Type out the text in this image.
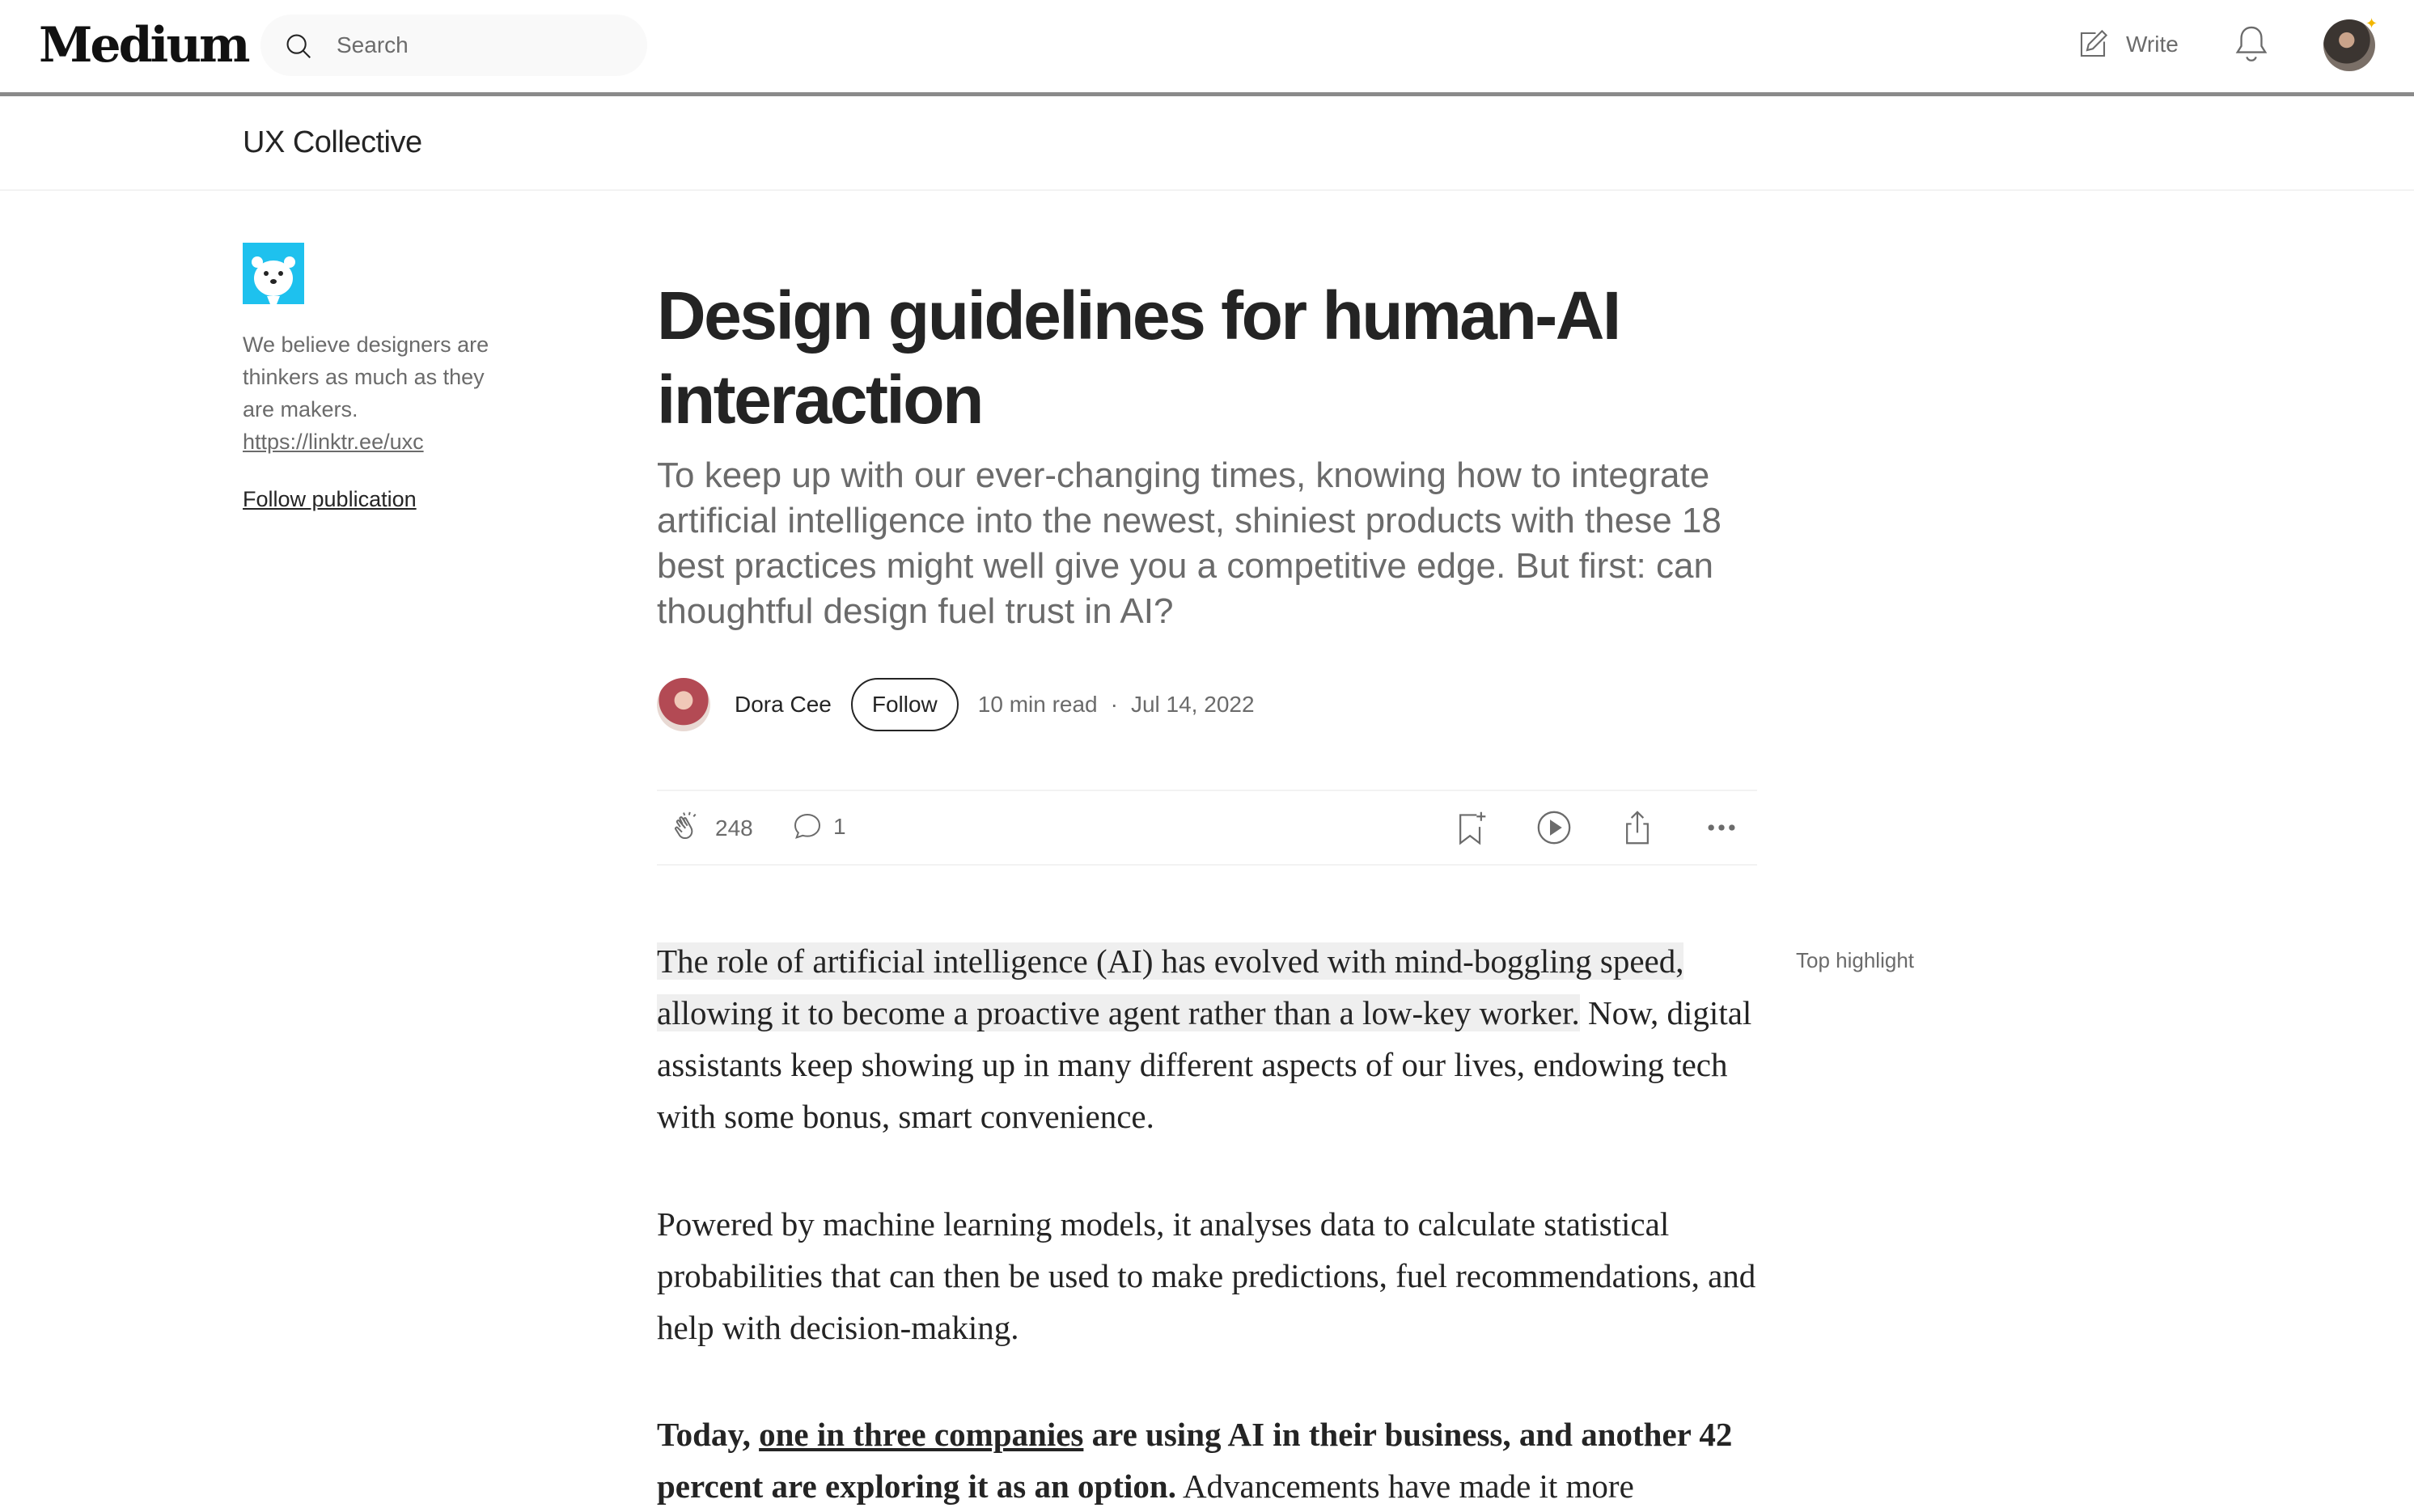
Medium	Search	Write
✦
UX Collective
We believe designers are thinkers as much as they are makers.
https://linktr.ee/uxc
Follow publication
Design guidelines for human-AI interaction

To keep up with our ever-changing times, knowing how to integrate artificial intelligence into the newest, shiniest products with these 18 best practices might well give you a competitive edge. But first: can thoughtful design fuel trust in AI?

Dora Cee	Follow	10 min read · Jul 14, 2022
248	1

The role of artificial intelligence (AI) has evolved with mind-boggling speed, allowing it to become a proactive agent rather than a low-key worker. Now, digital assistants keep showing up in many different aspects of our lives, endowing tech with some bonus, smart convenience.

Top highlight

Powered by machine learning models, it analyses data to calculate statistical probabilities that can then be used to make predictions, fuel recommendations, and help with decision-making.

Today, one in three companies are using AI in their business, and another 42 percent are exploring it as an option. Advancements have made it more
